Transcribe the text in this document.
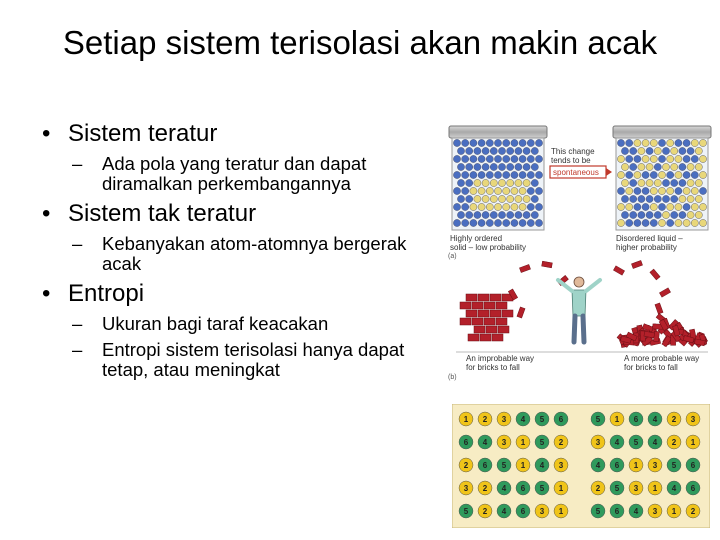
Setiap sistem terisolasi akan makin acak
• Sistem teratur
– Ada pola yang teratur dan dapat diramalkan perkembangannya
• Sistem tak teratur
– Kebanyakan atom-atomnya bergerak acak
• Entropi
– Ukuran bagi taraf keacakan
– Entropi sistem terisolasi hanya dapat tetap, atau meningkat
This change
tends to be
spontaneous
Highly ordered
solid – low probability
Disordered liquid –
higher probability
(a)
An improbable way
for bricks to fall
A more probable way
for bricks to fall
(b)
1 2 3 4 5 6
6 4 3 1 5 2
2 6 5 1 4 3
3 2 4 6 5 1
5 2 4 6 3 1
5 1 6 4 2 3
3 4 5 4 2 1
4 6 1 3 5 6
2 5 3 1 4 6
5 6 4 3 1 2
